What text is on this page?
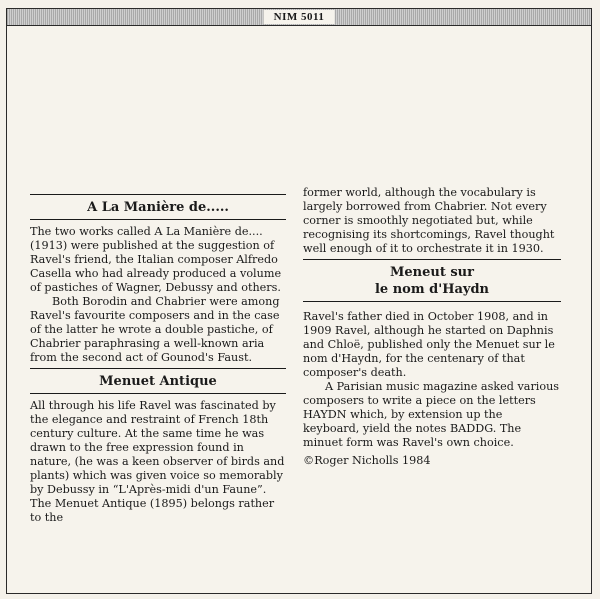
NIM 5011
A La Manière de.....

The two works called A La Manière de....(1913) were published at the suggestion of Ravel's friend, the Italian composer Alfredo Casella who had already produced a volume of pastiches of Wagner, Debussy and others.

Both Borodin and Chabrier were among Ravel's favourite composers and in the case of the latter he wrote a double pastiche, of Chabrier paraphrasing a well-known aria from the second act of Gounod's Faust.

Menuet Antique

All through his life Ravel was fascinated by the elegance and restraint of French 18th century culture. At the same time he was drawn to the free expression found in nature, (he was a keen observer of birds and plants) which was given voice so memorably by Debussy in “L'Après-midi d'un Faune”. The Menuet Antique (1895) belongs rather to the

former world, although the vocabulary is largely borrowed from Chabrier. Not every corner is smoothly negotiated but, while recognising its shortcomings, Ravel thought well enough of it to orchestrate it in 1930.

Meneut sur
le nom d'Haydn

Ravel's father died in October 1908, and in 1909 Ravel, although he started on Daphnis and Chloë, published only the Menuet sur le nom d'Haydn, for the centenary of that composer's death.

A Parisian music magazine asked various composers to write a piece on the letters HAYDN which, by extension up the keyboard, yield the notes BADDG. The minuet form was Ravel's own choice.

©Roger Nicholls 1984
